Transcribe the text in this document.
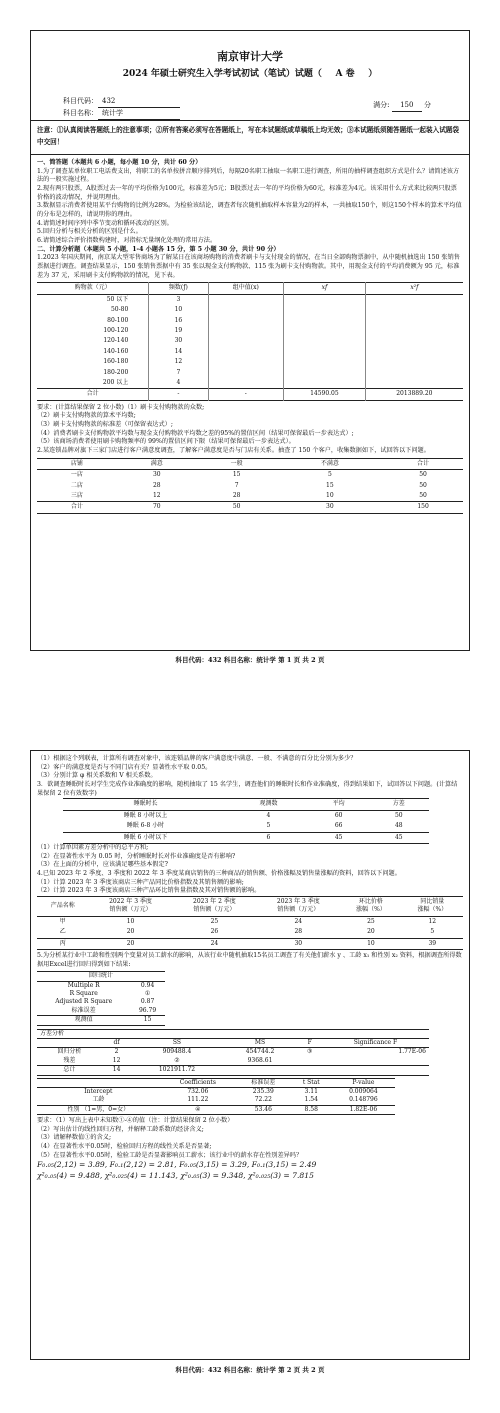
南京审计大学
2024 年硕士研究生入学考试初试（笔试）试题（ A 卷 ）
科目代码： 432
科目名称： 统计学
满分: 150 分
注意：①认真阅读答题纸上的注意事项；②所有答案必须写在答题纸上，写在本试题纸或草稿纸上均无效；③本试题纸须随答题纸一起装入试题袋中交回！

一、简答题（本题共 6 小题，每小题 10 分，共计 60 分）

1.为了调查某单位职工电话费支出，将职工的名单按拼音顺序排列后，每隔20名职工抽取一名职工进行调查，所用的抽样调查组织方式是什么？请简述该方法的一般实施过程。

2.现有两只股票，A股票过去一年的平均价格为100元，标准差为5元；B股票过去一年的平均价格为60元，标准差为4元。该采用什么方式来比较两只股票价格的波动情况，并说明理由。

3.数据显示消费者使用某平台购物的比例为28%。为检验该结论，调查者每次随机抽取样本容量为2的样本，一共抽取150个，则这150个样本的算术平均值的分布是怎样的，请说明你的理由。

4.请简述时间序列中季节变动和循环波动的区别。

5.回归分析与相关分析的区别是什么。

6.请简述综合评价指数构建时，对指标无量纲化处理的常用方法。

二、计算分析题（本题共 5 小题，1-4 小题各 15 分，第 5 小题 30 分，共计 90 分）

1.2023 年国庆期间，南京某大型零售商场为了解某日在该商场购物的消费者刷卡与支付现金的情况，在当日全部购物票据中，从中随机抽选出 150 张销售票据进行调查。调查结果显示，150 张销售票据中有 35 张以现金支付购物款、115 张为刷卡支付购物款。其中，用现金支付的平均消费额为 95 元，标准差为 37 元，采用刷卡支付购物款的情况，见下表。

购物款（元）	频数(ƒ)	组中值(x)	xf	x²f
50 以下	3			
50-80	10			
80-100	16			
100-120	19			
120-140	30			
140-160	14			
160-180	12			
180-200	7			
200 以上	4			
合计	-	-	14590.05	2013889.20

要求：(计算结果保留 2 位小数)（1）刷卡支付购物款的众数;

（2）刷卡支付购物款的算术平均数;

（3）刷卡支付购物款的标准差（可保留表达式）;

（4）消费者刷卡支付购物款平均数与现金支付购物款平均数之差的95%的置信区间（结果可保留最后一步表达式）;

（5）该商场消费者使用刷卡购物频率的 99%的置信区间下限（结果可保留最后一步表达式）。

2.某连锁品牌对旗下三家门店进行客户满意度调查，了解客户满意度是否与门店有关系。抽查了 150 个客户，收集数据如下，试回答以下问题。

店铺	满意	一般	不满意	合计
一店	30	15	5	50
二店	28	7	15	50
三店	12	28	10	50
合计	70	50	30	150
科目代码：432 科目名称：统计学 第 1 页 共 2 页

（1）根据这个列联表，计算所有调查对象中，该连锁品牌的客户满意度中满意、一般、不满意的百分比分别为多少？

（2）客户的满意度是否与不同门店有关？显著性水平取 0.05。

（3）分别计算 φ 相关系数和 V 相关系数。

3．欲调查睡眠时长对学生完成作业准确度的影响，随机抽取了 15 名学生，调查他们的睡眠时长和作业准确度，得到结果如下，试回答以下问题。(计算结果保留 2 位有效数字)

睡眠时长	观测数	平均	方差
睡眠 8 小时以上	4	60	50
睡眠 6-8 小时	5	66	48
睡眠 6 小时以下	6	45	45

（1）计算单因素方差分析中的总平方和;

（2）在显著性水平为 0.05 时，分析睡眠时长对作业准确度是否有影响?

（3）在上面的分析中，应该满足哪些基本假定?

4.已知 2023 年 2 季度、3 季度和 2022 年 3 季度某商店销售的三种商品的销售额、价格涨幅及销售量涨幅的资料，回答以下问题。

（1）计算 2023 年 3 季度该商店三种产品同比价格指数及其销售额的影响;

（2）计算 2023 年 3 季度该商店三种产品环比销售量指数及其对销售额的影响。

产品名称	2022 年 3 季度
销售额（万元）	2023 年 2 季度
销售额（万元）	2023 年 3 季度
销售额（万元）	环比价格
涨幅（%）	同比销量
涨幅（%）
甲	10	25	24	25	12
乙	20	26	28	20	5
丙	20	24	30	10	39

5.为分析某行业中工龄和性别两个变量对员工薪水的影响，从该行业中随机抽取15名员工调查了有关他们薪水 y 、工龄 x₁ 和性别 x₂ 资料，根据调查所得数据用Excel进行回归得到如下结果:

回归统计	
Multiple R	0.94
R Square	①
Adjusted R Square	0.87
标准误差	96.79
观测值	15
方差分析					
	df	SS	MS	F	Significance F
回归分析	2	909488.4	454744.2	③	1.77E-06
残差	12	②	9368.61		
总计	14	1021911.72			
	Coefficients	标准误差	t Stat	P-value
Intercept	732.06	235.39	3.11	0.009064
工龄	111.22	72.22	1.54	0.148796
性别 （1=男，0=女）	④	53.46	8.58	1.82E-06

要求：（1）写出上表中未知数①-④的值（注：计算结果保留 2 位小数）

（2）写出估计的线性回归方程，并解释工龄系数的经济含义;

（3）请解释数值①的含义;

（4）在显著性水平0.05时，检验回归方程的线性关系是否显著;

（5）在显著性水平0.05时，检验工龄是否显著影响员工薪水；该行业中的薪水存在性别差异吗？

F₀.₀₅(2,12) = 3.89, F₀.₁(2,12) = 2.81, F₀.₀₅(3,15) = 3.29, F₀.₁(3,15) = 2.49

χ²₀.₀₅(4) = 9.488, χ²₀.₀₂₅(4) = 11.143, χ²₀.₀₅(3) = 9.348, χ²₀.₀₂₅(3) = 7.815

科目代码：432 科目名称：统计学 第 2 页 共 2 页
